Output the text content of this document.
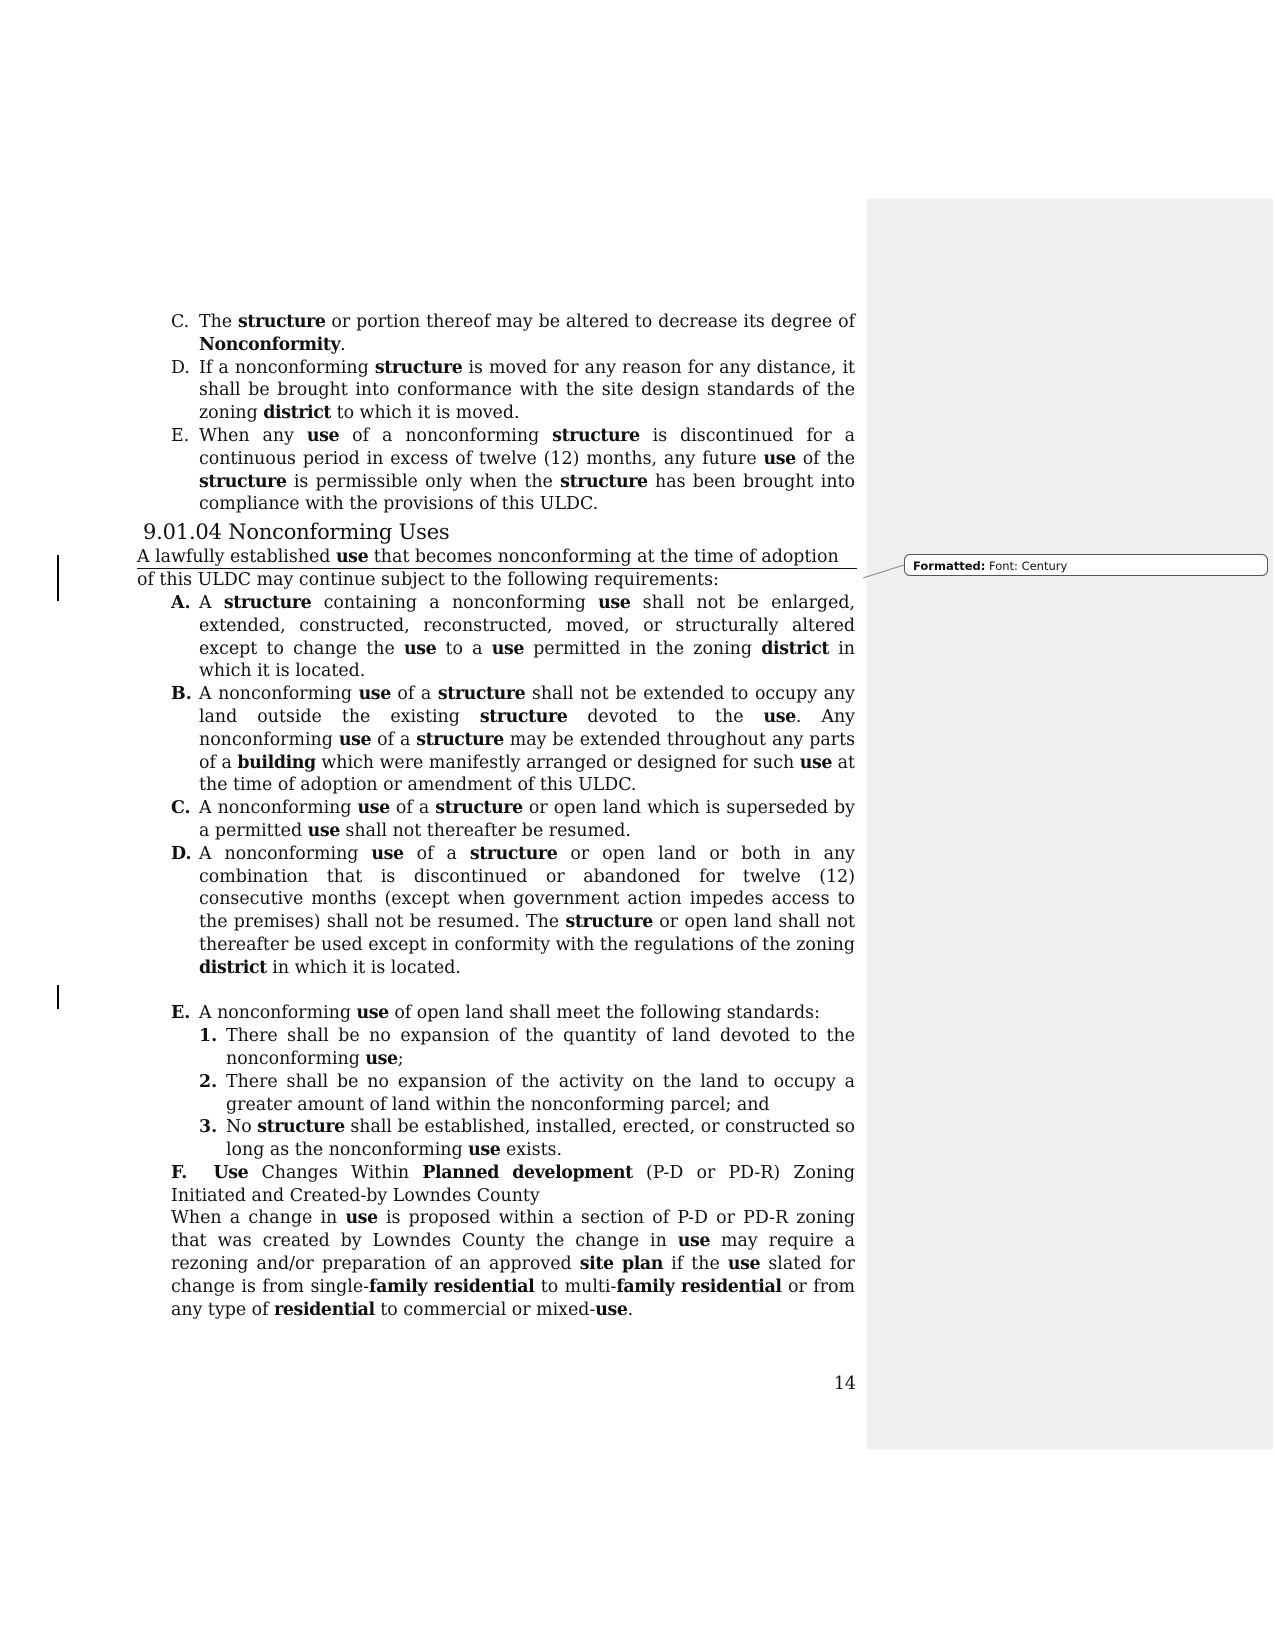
Formatted: Font: Century
C. The structure or portion thereof may be altered to decrease its degree of Nonconformity.
D. If a nonconforming structure is moved for any reason for any distance, it shall be brought into conformance with the site design standards of the zoning district to which it is moved.
E. When any use of a nonconforming structure is discontinued for a continuous period in excess of twelve (12) months, any future use of the structure is permissible only when the structure has been brought into compliance with the provisions of this ULDC.
9.01.04 Nonconforming Uses
A lawfully established use that becomes nonconforming at the time of adoption
of this ULDC may continue subject to the following requirements:
A. A structure containing a nonconforming use shall not be enlarged, extended, constructed, reconstructed, moved, or structurally altered except to change the use to a use permitted in the zoning district in which it is located.
B. A nonconforming use of a structure shall not be extended to occupy any land outside the existing structure devoted to the use. Any nonconforming use of a structure may be extended throughout any parts of a building which were manifestly arranged or designed for such use at the time of adoption or amendment of this ULDC.
C. A nonconforming use of a structure or open land which is superseded by a permitted use shall not thereafter be resumed.
D. A nonconforming use of a structure or open land or both in any combination that is discontinued or abandoned for twelve (12) consecutive months (except when government action impedes access to the premises) shall not be resumed. The structure or open land shall not thereafter be used except in conformity with the regulations of the zoning district in which it is located.
E. A nonconforming use of open land shall meet the following standards:
1. There shall be no expansion of the quantity of land devoted to the nonconforming use;
2. There shall be no expansion of the activity on the land to occupy a greater amount of land within the nonconforming parcel; and
3. No structure shall be established, installed, erected, or constructed so long as the nonconforming use exists.
F.  Use Changes Within Planned development (P-D or PD-R) Zoning Initiated and Created-by Lowndes County
When a change in use is proposed within a section of P-D or PD-R zoning that was created by Lowndes County the change in use may require a rezoning and/or preparation of an approved site plan if the use slated for change is from single-family residential to multi-family residential or from any type of residential to commercial or mixed-use.
14
